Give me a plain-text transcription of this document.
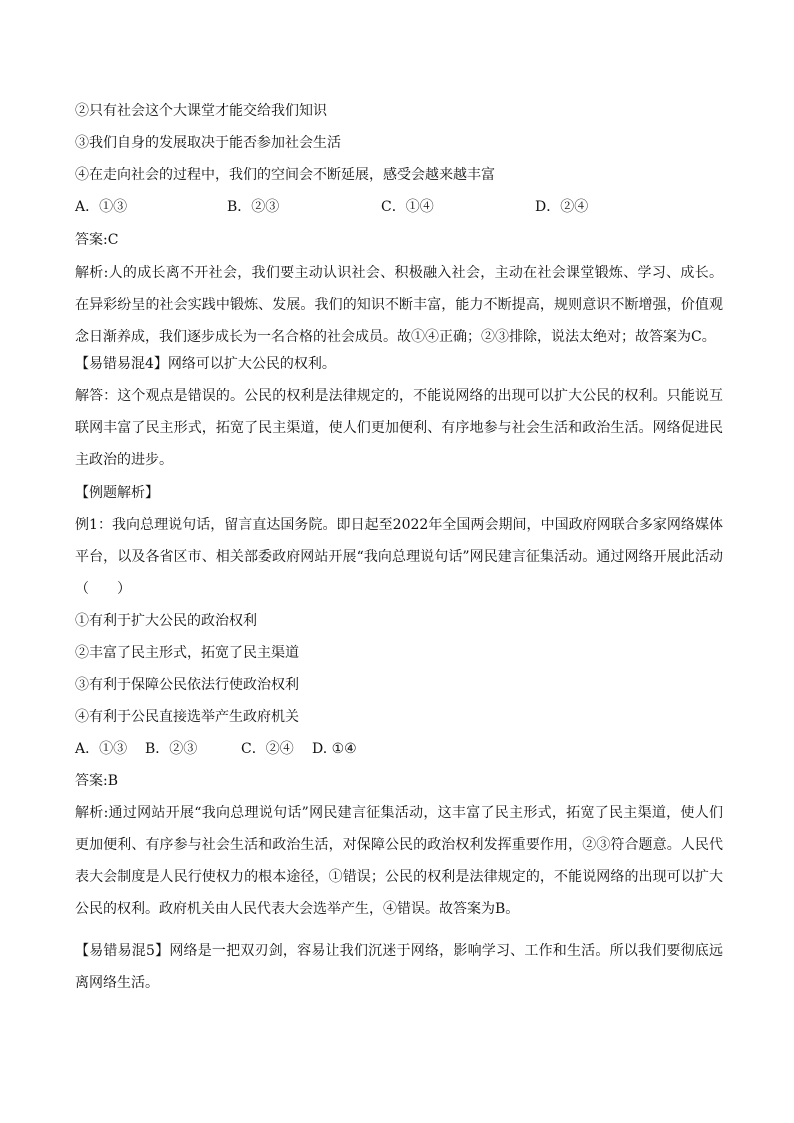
②只有社会这个大课堂才能交给我们知识
③我们自身的发展取决于能否参加社会生活
④在走向社会的过程中，我们的空间会不断延展，感受会越来越丰富
A．①③	B．②③	C．①④	D．②④
答案:C
解析:人的成长离不开社会，我们要主动认识社会、积极融入社会，主动在社会课堂锻炼、学习、成长。在异彩纷呈的社会实践中锻炼、发展。我们的知识不断丰富，能力不断提高，规则意识不断增强，价值观念日渐养成，我们逐步成长为一名合格的社会成员。故①④正确；②③排除，说法太绝对；故答案为C。
【易错易混4】网络可以扩大公民的权利。
解答：这个观点是错误的。公民的权利是法律规定的，不能说网络的出现可以扩大公民的权利。只能说互联网丰富了民主形式，拓宽了民主渠道，使人们更加便利、有序地参与社会生活和政治生活。网络促进民主政治的进步。
【例题解析】
例1：我向总理说句话，留言直达国务院。即日起至2022年全国两会期间，中国政府网联合多家网络媒体平台，以及各省区市、相关部委政府网站开展“我向总理说句话”网民建言征集活动。通过网络开展此活动（　　）
①有利于扩大公民的政治权利
②丰富了民主形式，拓宽了民主渠道
③有利于保障公民依法行使政治权利
④有利于公民直接选举产生政府机关
A．①③ B．②③	C．②④ D. ①④
答案:B
解析:通过网站开展“我向总理说句话”网民建言征集活动，这丰富了民主形式，拓宽了民主渠道，使人们更加便利、有序参与社会生活和政治生活，对保障公民的政治权利发挥重要作用，②③符合题意。人民代表大会制度是人民行使权力的根本途径，①错误；公民的权利是法律规定的，不能说网络的出现可以扩大公民的权利。政府机关由人民代表大会选举产生，④错误。故答案为B。
【易错易混5】网络是一把双刃剑，容易让我们沉迷于网络，影响学习、工作和生活。所以我们要彻底远离网络生活。
